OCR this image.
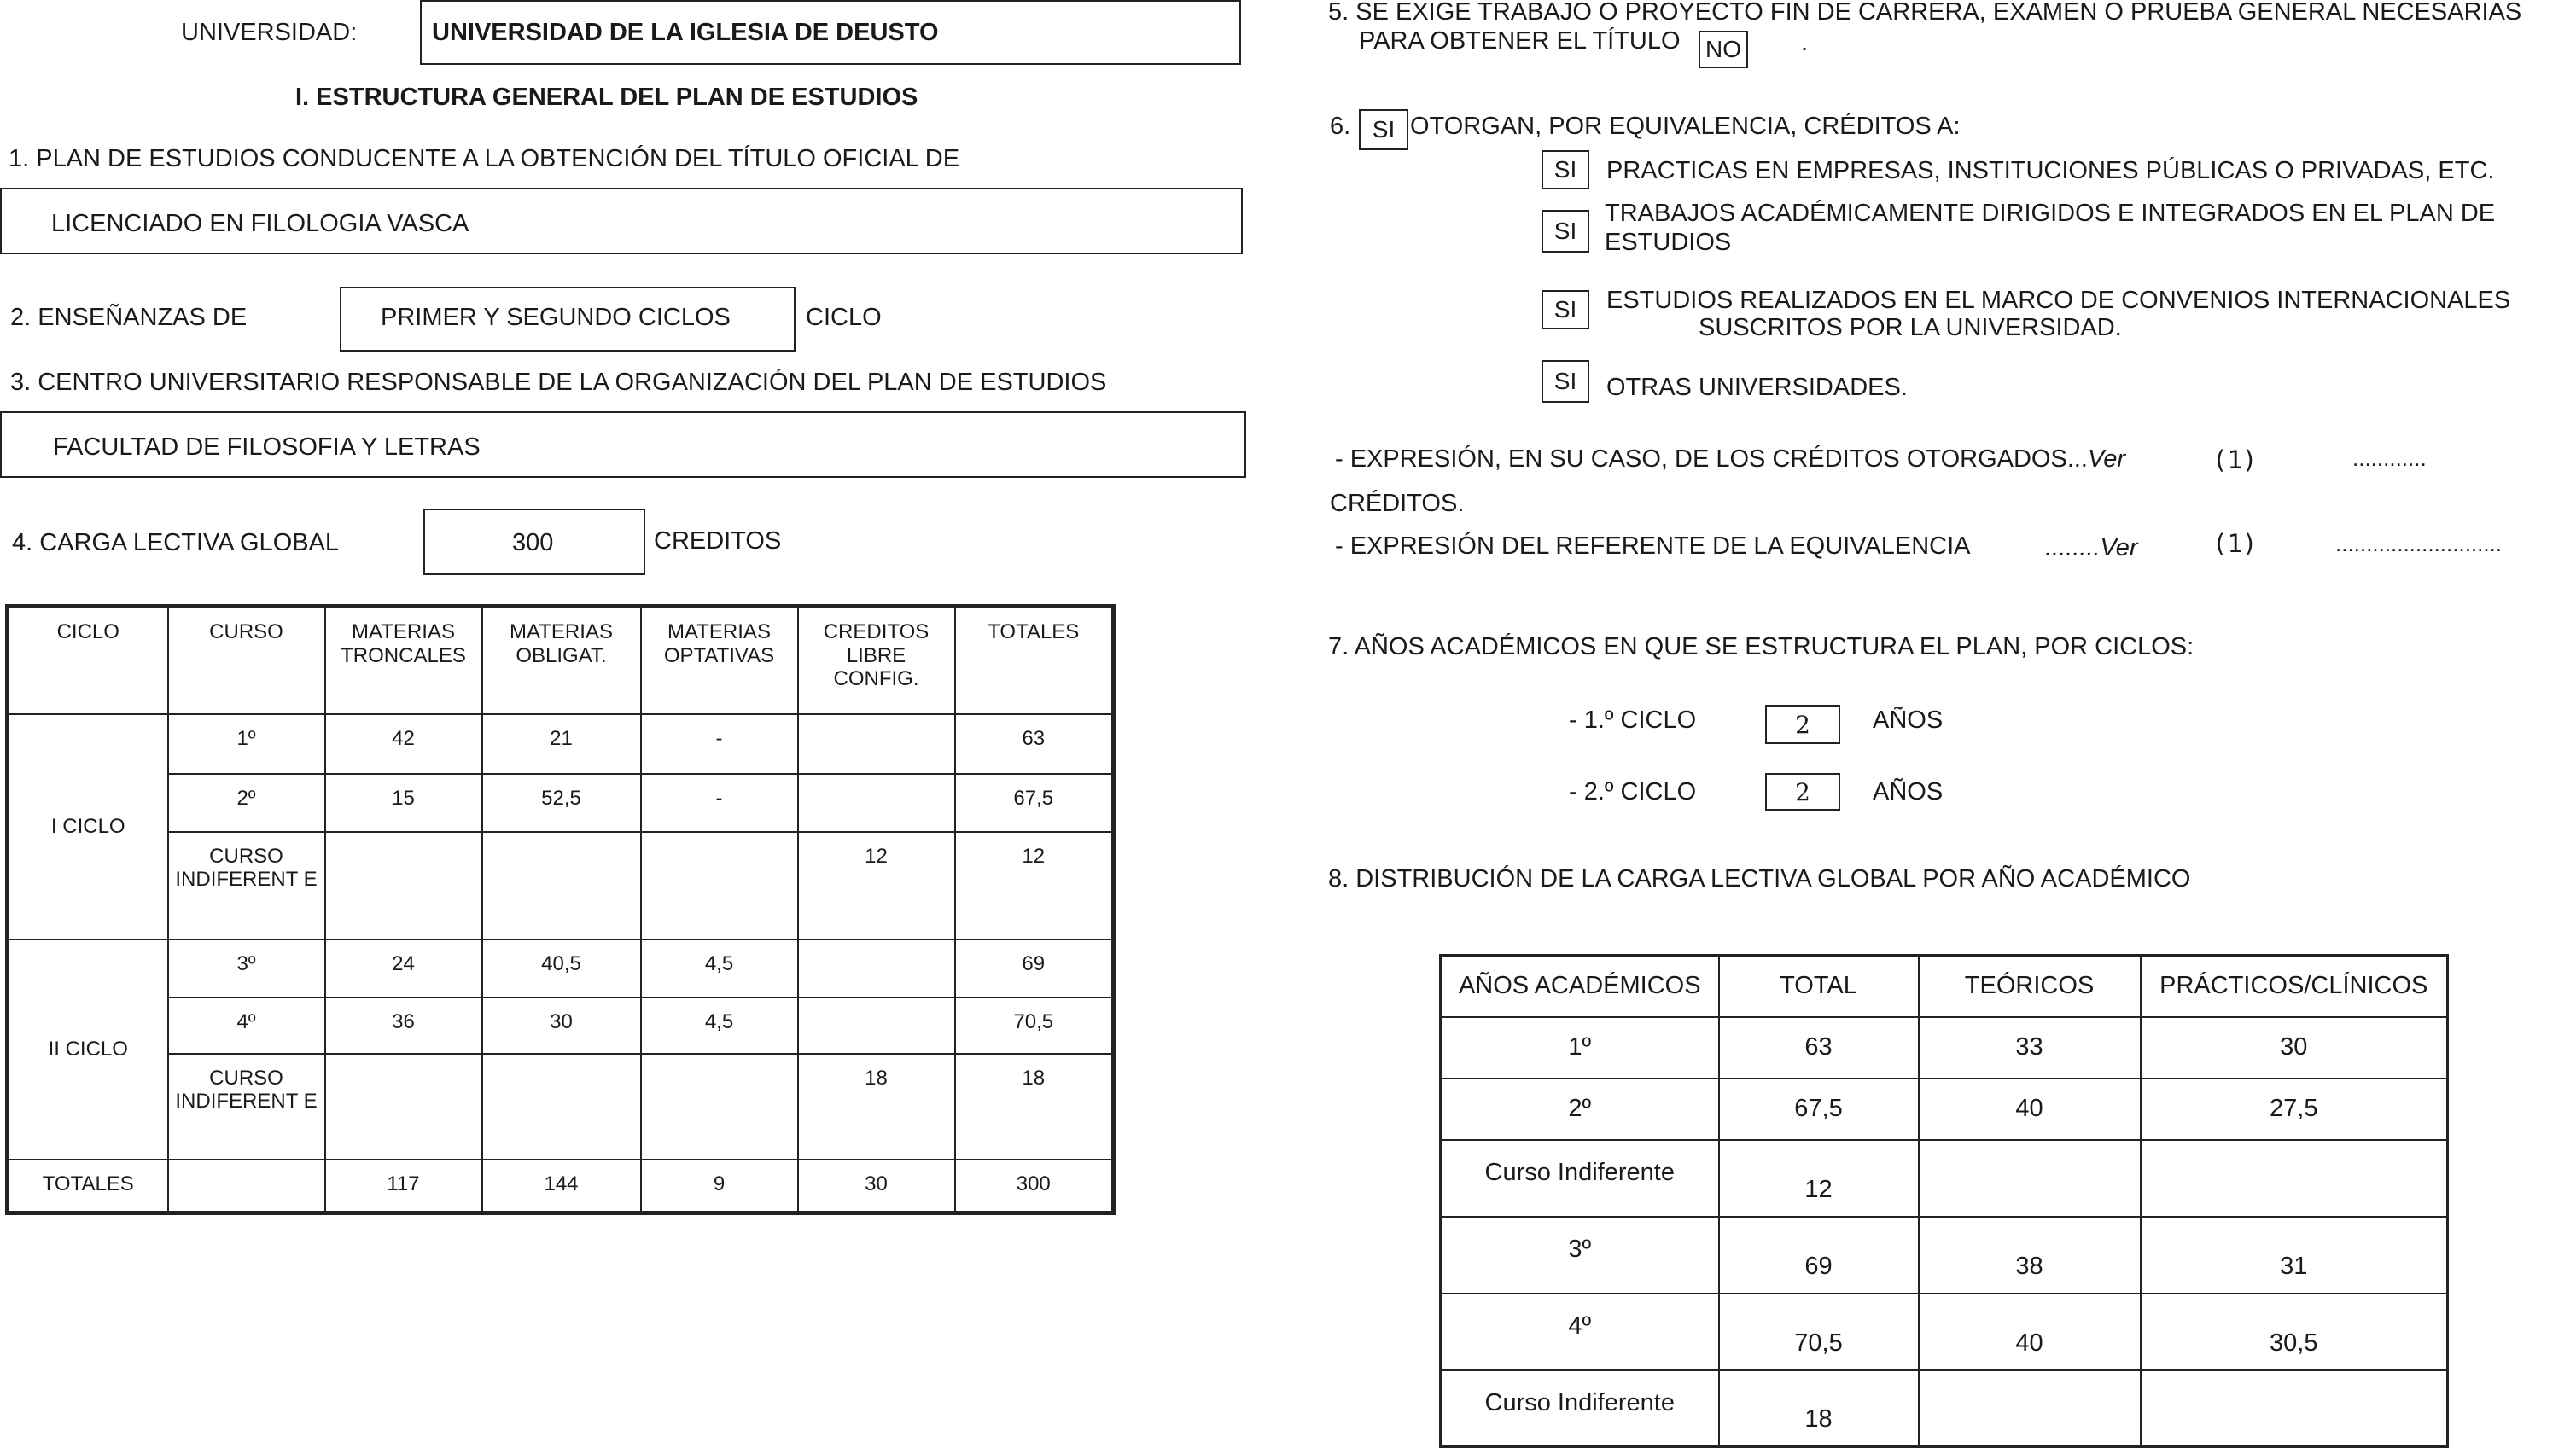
UNIVERSIDAD:	UNIVERSIDAD DE LA IGLESIA DE DEUSTO
I. ESTRUCTURA GENERAL DEL PLAN DE ESTUDIOS
1. PLAN DE ESTUDIOS CONDUCENTE A LA OBTENCIÓN DEL TÍTULO OFICIAL DE
LICENCIADO EN FILOLOGIA VASCA
2. ENSEÑANZAS DE	PRIMER Y SEGUNDO CICLOS	CICLO
3. CENTRO UNIVERSITARIO RESPONSABLE DE LA ORGANIZACIÓN DEL PLAN DE ESTUDIOS
FACULTAD DE FILOSOFIA Y LETRAS
4. CARGA LECTIVA GLOBAL	300	CREDITOS
CICLO	CURSO	MATERIAS TRONCALES	MATERIAS OBLIGAT.	MATERIAS OPTATIVAS	CREDITOS LIBRE CONFIG.	TOTALES
I CICLO	1º	42	21	-		63
	2º	15	52,5	-		67,5
	CURSO INDIFERENT E				12	12
II CICLO	3º	24	40,5	4,5		69
	4º	36	30	4,5		70,5
	CURSO INDIFERENT E				18	18
TOTALES		117	144	9	30	300
5. SE EXIGE TRABAJO O PROYECTO FIN DE CARRERA, EXAMEN O PRUEBA GENERAL NECESARIAS
PARA OBTENER EL TÍTULO NO .
6. SI OTORGAN, POR EQUIVALENCIA, CRÉDITOS A:
SI	PRACTICAS EN EMPRESAS, INSTITUCIONES PÚBLICAS O PRIVADAS, ETC.
SI
TRABAJOS ACADÉMICAMENTE DIRIGIDOS E INTEGRADOS EN EL PLAN DE
ESTUDIOS
SI	ESTUDIOS REALIZADOS EN EL MARCO DE CONVENIOS INTERNACIONALES
SUSCRITOS POR LA UNIVERSIDAD.
SI	OTRAS UNIVERSIDADES.
- EXPRESIÓN, EN SU CASO, DE LOS CRÉDITOS OTORGADOS...Ver	(1)	............
CRÉDITOS.
- EXPRESIÓN DEL REFERENTE DE LA EQUIVALENCIA	........Ver	(1)	...........................
7. AÑOS ACADÉMICOS EN QUE SE ESTRUCTURA EL PLAN, POR CICLOS:
- 1.º CICLO	2	AÑOS
- 2.º CICLO	2	AÑOS
8. DISTRIBUCIÓN DE LA CARGA LECTIVA GLOBAL POR AÑO ACADÉMICO
AÑOS ACADÉMICOS	TOTAL	TEÓRICOS	PRÁCTICOS/CLÍNICOS
1º	63	33	30
2º	67,5	40	27,5
Curso Indiferente	12		
3º	69	38	31
4º	70,5	40	30,5
Curso Indiferente	18		
